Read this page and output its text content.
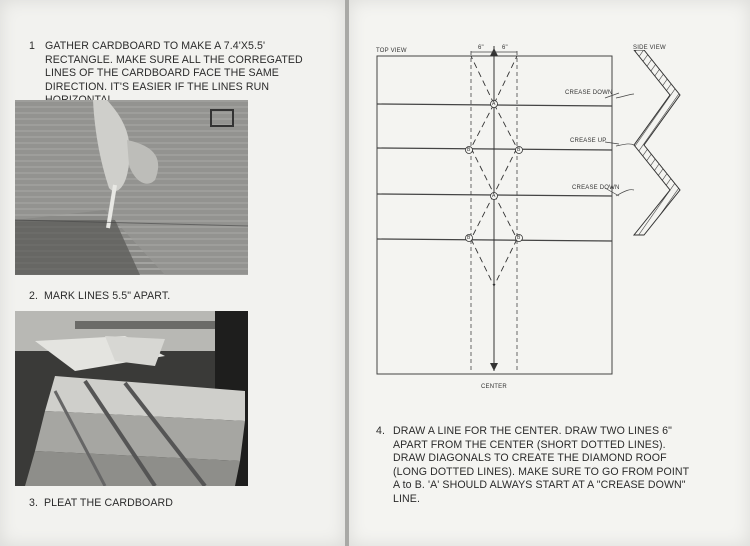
1 GATHER CARDBOARD TO MAKE A 7.4'X5.5' RECTANGLE. MAKE SURE ALL THE CORREGATED LINES OF THE CARDBOARD FACE THE SAME DIRECTION. IT'S EASIER IF THE LINES RUN

2. MARK LINES 5.5" APART.

3. PLEAT THE CARDBOARD

TOP VIEW	6"	6"
CREASE DOWN
CREASE UP
CREASE DOWN
A
B	B
A
B	B
CENTER
SIDE VIEW
4. DRAW A LINE FOR THE CENTER. DRAW TWO LINES 6" APART FROM THE CENTER (SHORT DOTTED LINES). DRAW DIAGONALS TO CREATE THE DIAMOND ROOF (LONG DOTTED LINES). MAKE SURE TO GO FROM POINT A to B. 'A' SHOULD ALWAYS START AT A "CREASE DOWN" LINE.
